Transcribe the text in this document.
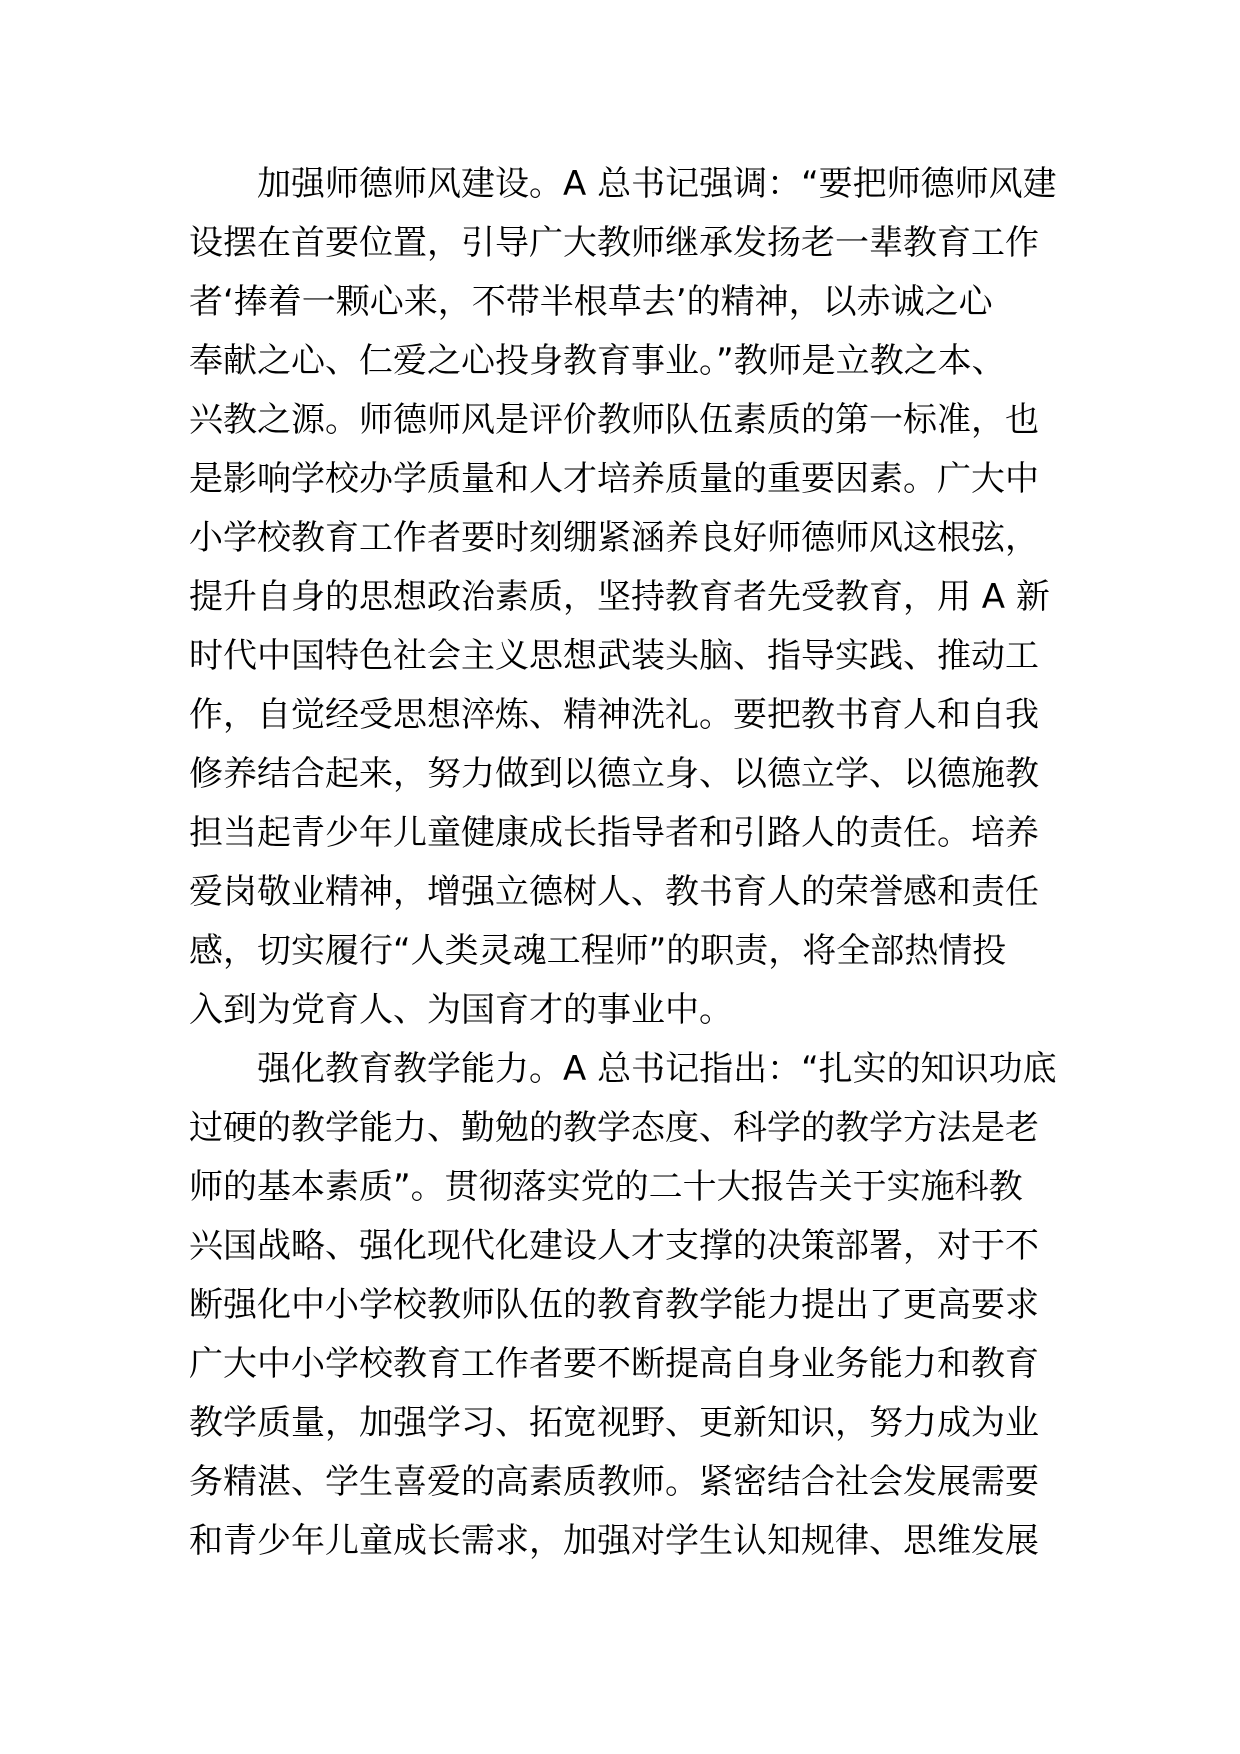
加强师德师风建设。A 总书记强调：“要把师德师风建
设摆在首要位置，引导广大教师继承发扬老一辈教育工作
者‘捧着一颗心来，不带半根草去’的精神，以赤诚之心
奉献之心、仁爱之心投身教育事业。”教师是立教之本、
兴教之源。师德师风是评价教师队伍素质的第一标准，也
是影响学校办学质量和人才培养质量的重要因素。广大中
小学校教育工作者要时刻绷紧涵养良好师德师风这根弦，
提升自身的思想政治素质，坚持教育者先受教育，用 A 新
时代中国特色社会主义思想武装头脑、指导实践、推动工
作，自觉经受思想淬炼、精神洗礼。要把教书育人和自我
修养结合起来，努力做到以德立身、以德立学、以德施教
担当起青少年儿童健康成长指导者和引路人的责任。培养
爱岗敬业精神，增强立德树人、教书育人的荣誉感和责任
感，切实履行“人类灵魂工程师”的职责，将全部热情投
入到为党育人、为国育才的事业中。
强化教育教学能力。A 总书记指出：“扎实的知识功底
过硬的教学能力、勤勉的教学态度、科学的教学方法是老
师的基本素质”。贯彻落实党的二十大报告关于实施科教
兴国战略、强化现代化建设人才支撑的决策部署，对于不
断强化中小学校教师队伍的教育教学能力提出了更高要求
广大中小学校教育工作者要不断提高自身业务能力和教育
教学质量，加强学习、拓宽视野、更新知识，努力成为业
务精湛、学生喜爱的高素质教师。紧密结合社会发展需要
和青少年儿童成长需求，加强对学生认知规律、思维发展
